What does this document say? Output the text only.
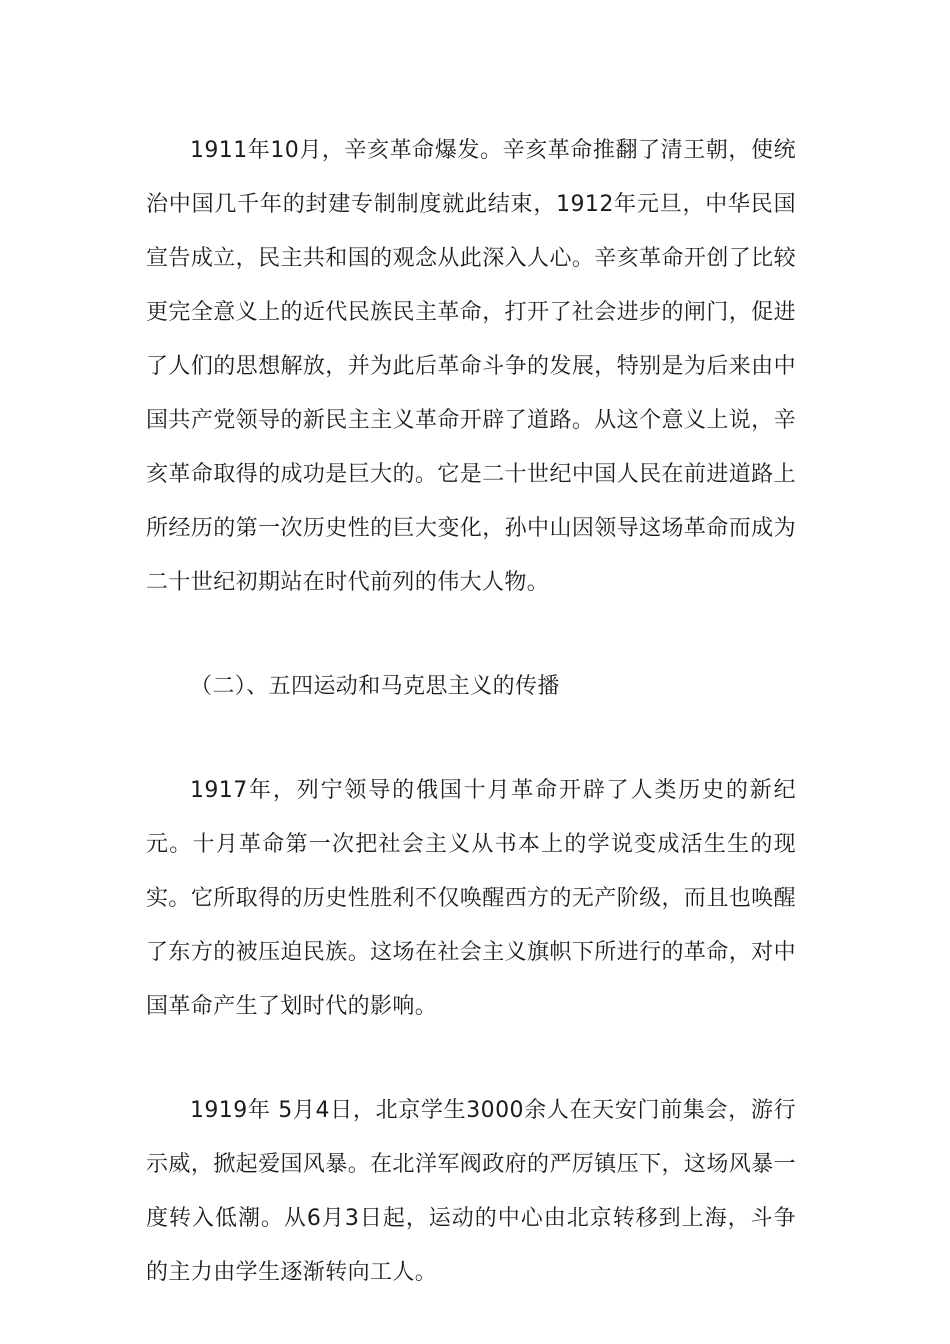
1911年10月，辛亥革命爆发。辛亥革命推翻了清王朝，使统治中国几千年的封建专制制度就此结束，1912年元旦，中华民国宣告成立，民主共和国的观念从此深入人心。辛亥革命开创了比较更完全意义上的近代民族民主革命，打开了社会进步的闸门，促进了人们的思想解放，并为此后革命斗争的发展，特别是为后来由中国共产党领导的新民主主义革命开辟了道路。从这个意义上说，辛亥革命取得的成功是巨大的。它是二十世纪中国人民在前进道路上所经历的第一次历史性的巨大变化，孙中山因领导这场革命而成为二十世纪初期站在时代前列的伟大人物。

（二）、五四运动和马克思主义的传播

1917年，列宁领导的俄国十月革命开辟了人类历史的新纪元。十月革命第一次把社会主义从书本上的学说变成活生生的现实。它所取得的历史性胜利不仅唤醒西方的无产阶级，而且也唤醒了东方的被压迫民族。这场在社会主义旗帜下所进行的革命，对中国革命产生了划时代的影响。

1919年 5月4日，北京学生3000余人在天安门前集会，游行示威，掀起爱国风暴。在北洋军阀政府的严厉镇压下，这场风暴一度转入低潮。从6月3日起，运动的中心由北京转移到上海，斗争的主力由学生逐渐转向工人。
